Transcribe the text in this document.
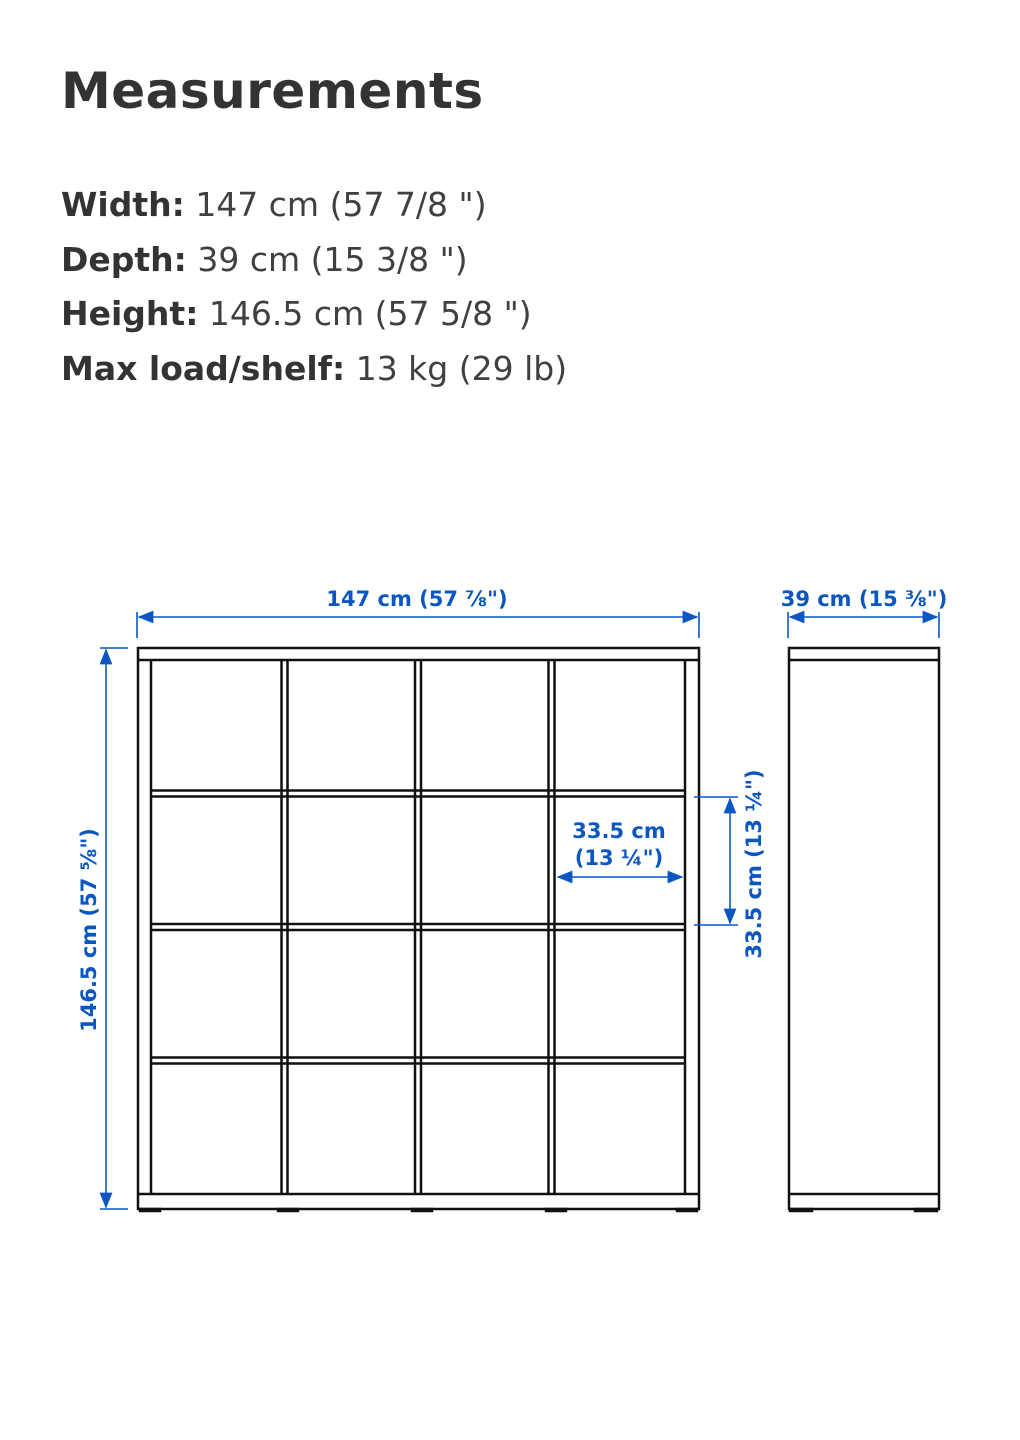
Measurements
Width: 147 cm (57 7/8 ")
Depth: 39 cm (15 3/8 ")
Height: 146.5 cm (57 5/8 ")
Max load/shelf: 13 kg (29 lb)
147 cm (57 ⅞")	39 cm (15 ⅜")
33.5 cm
(13 ¼")
146.5 cm (57 ⅝")	33.5 cm (13 ¼")
